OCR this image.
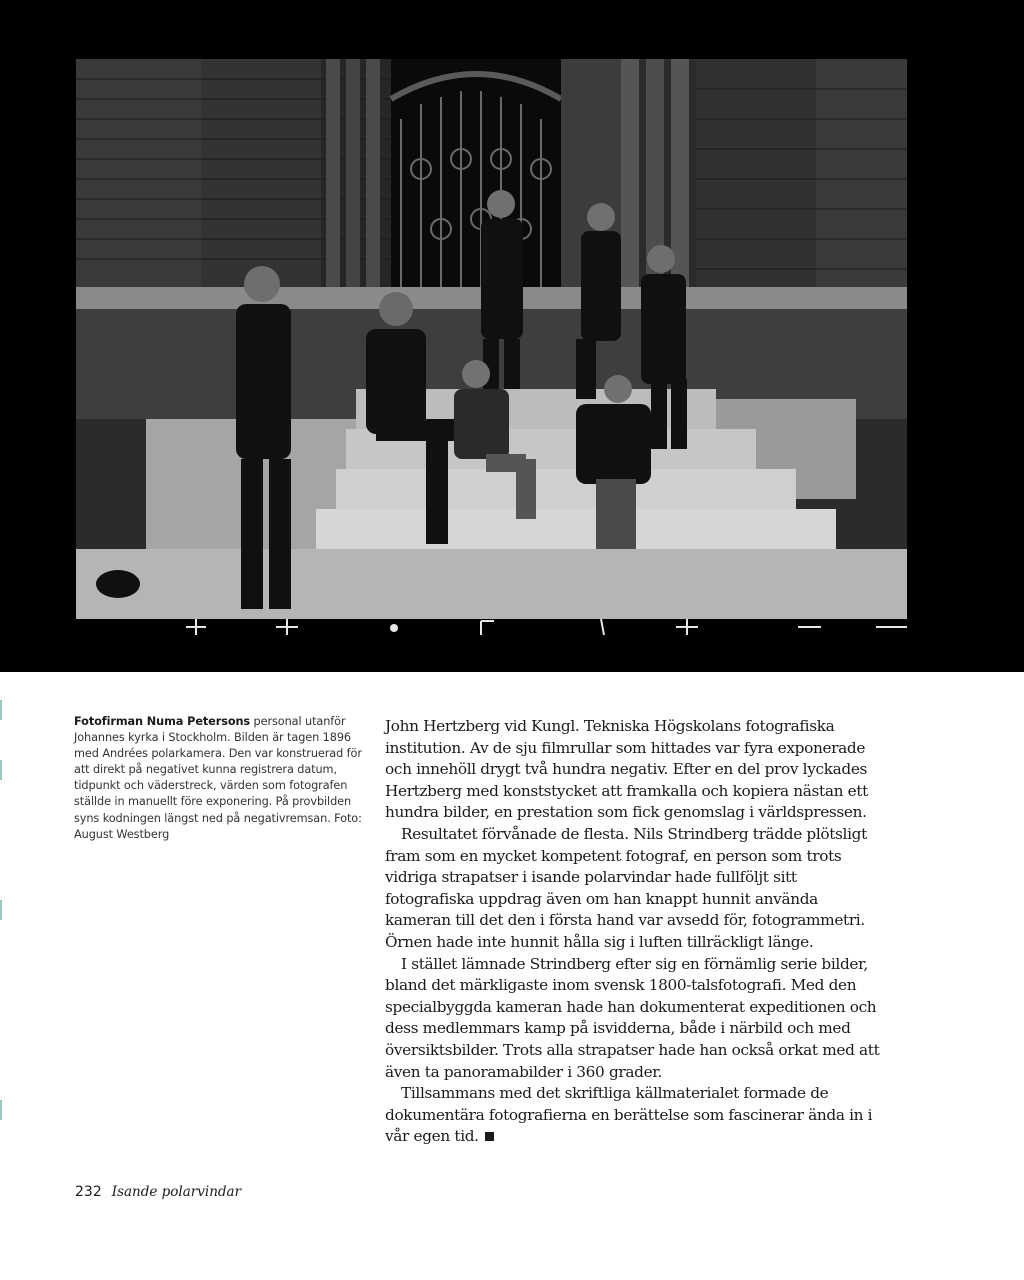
Fotofirman Numa Petersons personal utanför Johannes kyrka i Stockholm. Bilden är tagen 1896 med Andrées polarkamera. Den var konstruerad för att direkt på negativet kunna registrera datum, tidpunkt och väderstreck, värden som fotografen ställde in manuellt före exponering. På provbilden syns kodningen längst ned på negativremsan. Foto: August Westberg

John Hertzberg vid Kungl. Tekniska Högskolans fotografiska institution. Av de sju filmrullar som hittades var fyra exponerade och innehöll drygt två hundra negativ. Efter en del prov lyckades Hertzberg med konststycket att framkalla och kopiera nästan ett hundra bilder, en prestation som fick genomslag i världspressen.

Resultatet förvånade de flesta. Nils Strindberg trädde plötsligt fram som en mycket kompetent fotograf, en person som trots vidriga strapatser i isande polarvindar hade fullföljt sitt fotografiska uppdrag även om han knappt hunnit använda kameran till det den i första hand var avsedd för, fotogrammetri. Örnen hade inte hunnit hålla sig i luften tillräckligt länge.

I stället lämnade Strindberg efter sig en förnämlig serie bilder, bland det märkligaste inom svensk 1800-talsfotografi. Med den specialbyggda kameran hade han dokumenterat expeditionen och dess medlemmars kamp på isvidderna, både i närbild och med översiktsbilder. Trots alla strapatser hade han också orkat med att även ta panoramabilder i 360 grader.

Tillsammans med det skriftliga källmaterialet formade de dokumentära fotografierna en berättelse som fascinerar ända in i vår egen tid.

232 Isande polarvindar
